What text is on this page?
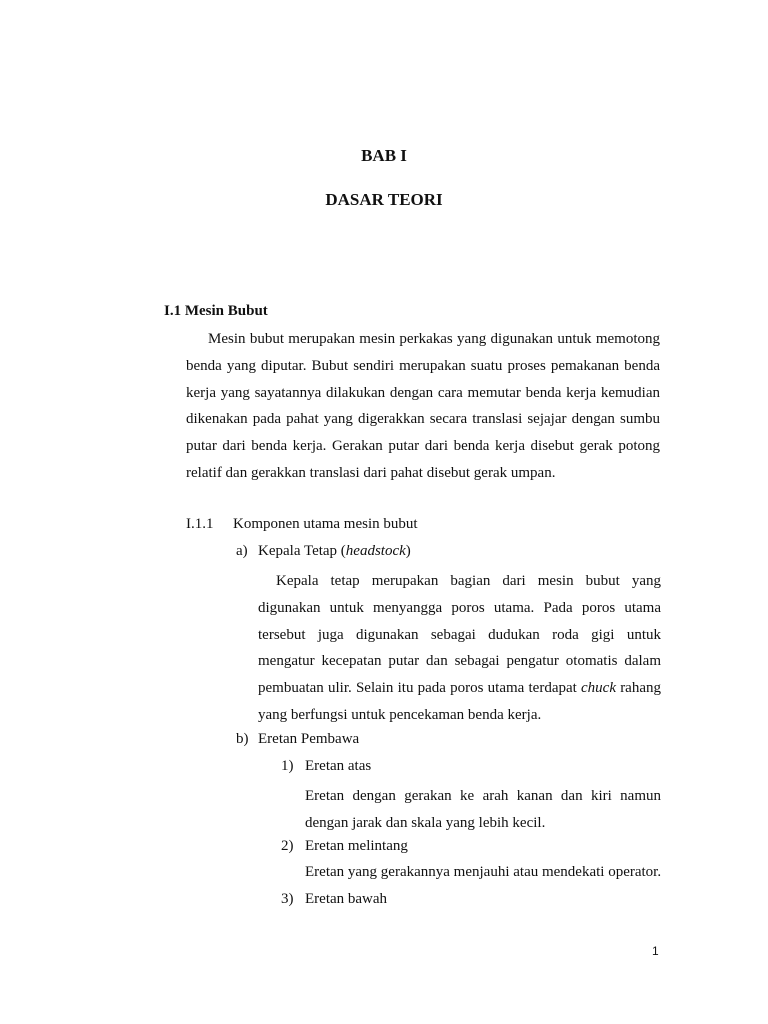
BAB I
DASAR TEORI
I.1 Mesin Bubut

Mesin bubut merupakan mesin perkakas yang digunakan untuk memotong benda yang diputar. Bubut sendiri merupakan suatu proses pemakanan benda kerja yang sayatannya dilakukan dengan cara memutar benda kerja kemudian dikenakan pada pahat yang digerakkan secara translasi sejajar dengan sumbu putar dari benda kerja. Gerakan putar dari benda kerja disebut gerak potong relatif dan gerakkan translasi dari pahat disebut gerak umpan.

I.1.1 Komponen utama mesin bubut
a) Kepala Tetap (headstock)

Kepala tetap merupakan bagian dari mesin bubut yang digunakan untuk menyangga poros utama. Pada poros utama tersebut juga digunakan sebagai dudukan roda gigi untuk mengatur kecepatan putar dan sebagai pengatur otomatis dalam pembuatan ulir. Selain itu pada poros utama terdapat chuck rahang yang berfungsi untuk pencekaman benda kerja.

b) Eretan Pembawa
1) Eretan atas

Eretan dengan gerakan ke arah kanan dan kiri namun dengan jarak dan skala yang lebih kecil.

2) Eretan melintang
Eretan yang gerakannya menjauhi atau mendekati operator.
3) Eretan bawah
1
